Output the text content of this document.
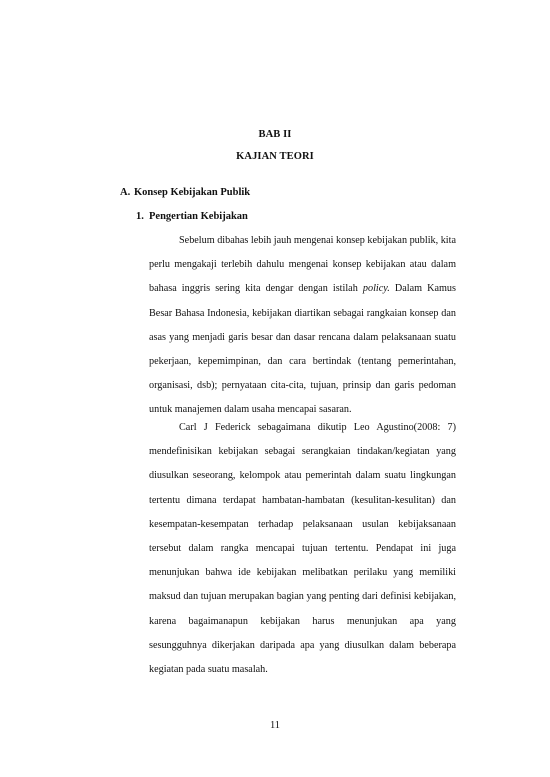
BAB II
KAJIAN TEORI
A. Konsep Kebijakan Publik
1. Pengertian Kebijakan

Sebelum dibahas lebih jauh mengenai konsep kebijakan publik, kita perlu mengakaji terlebih dahulu mengenai konsep kebijakan atau dalam bahasa inggris sering kita dengar dengan istilah policy. Dalam Kamus Besar Bahasa Indonesia, kebijakan diartikan sebagai rangkaian konsep dan asas yang menjadi garis besar dan dasar rencana dalam pelaksanaan suatu pekerjaan, kepemimpinan, dan cara bertindak (tentang pemerintahan, organisasi, dsb); pernyataan cita-cita, tujuan, prinsip dan garis pedoman untuk manajemen dalam usaha mencapai sasaran.

Carl J Federick sebagaimana dikutip Leo Agustino(2008: 7) mendefinisikan kebijakan sebagai serangkaian tindakan/kegiatan yang diusulkan seseorang, kelompok atau pemerintah dalam suatu lingkungan tertentu dimana terdapat hambatan-hambatan (kesulitan-kesulitan) dan kesempatan-kesempatan terhadap pelaksanaan usulan kebijaksanaan tersebut dalam rangka mencapai tujuan tertentu. Pendapat ini juga menunjukan bahwa ide kebijakan melibatkan perilaku yang memiliki maksud dan tujuan merupakan bagian yang penting dari definisi kebijakan, karena bagaimanapun kebijakan harus menunjukan apa yang sesungguhnya dikerjakan daripada apa yang diusulkan dalam beberapa kegiatan pada suatu masalah.

11
